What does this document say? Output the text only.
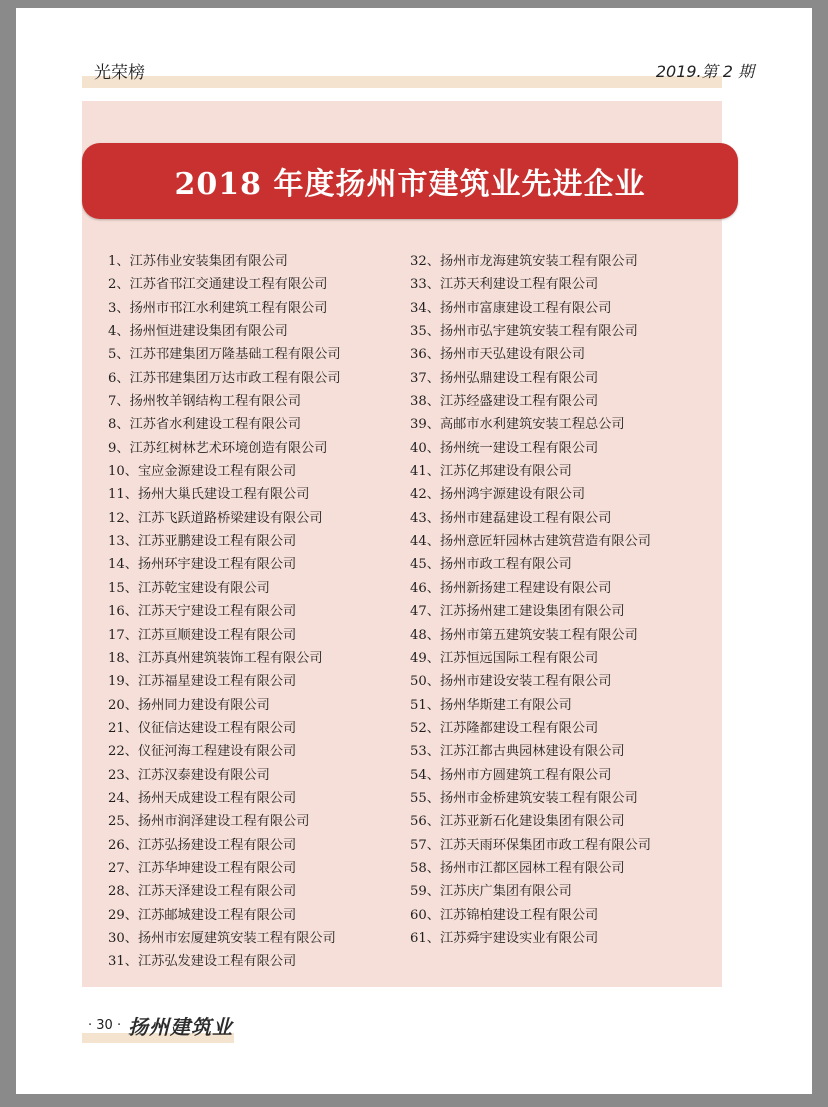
光荣榜	2019.第 2 期
2018 年度扬州市建筑业先进企业
1、江苏伟业安装集团有限公司
2、江苏省邗江交通建设工程有限公司
3、扬州市邗江水利建筑工程有限公司
4、扬州恒进建设集团有限公司
5、江苏邗建集团万隆基础工程有限公司
6、江苏邗建集团万达市政工程有限公司
7、扬州牧羊钢结构工程有限公司
8、江苏省水利建设工程有限公司
9、江苏红树林艺术环境创造有限公司
10、宝应金源建设工程有限公司
11、扬州大巢氏建设工程有限公司
12、江苏飞跃道路桥梁建设有限公司
13、江苏亚鹏建设工程有限公司
14、扬州环宇建设工程有限公司
15、江苏乾宝建设有限公司
16、江苏天宁建设工程有限公司
17、江苏亘顺建设工程有限公司
18、江苏真州建筑装饰工程有限公司
19、江苏福星建设工程有限公司
20、扬州同力建设有限公司
21、仪征信达建设工程有限公司
22、仪征河海工程建设有限公司
23、江苏汉泰建设有限公司
24、扬州天成建设工程有限公司
25、扬州市润泽建设工程有限公司
26、江苏弘扬建设工程有限公司
27、江苏华坤建设工程有限公司
28、江苏天泽建设工程有限公司
29、江苏邮城建设工程有限公司
30、扬州市宏厦建筑安装工程有限公司
31、江苏弘发建设工程有限公司
32、扬州市龙海建筑安装工程有限公司
33、江苏天利建设工程有限公司
34、扬州市富康建设工程有限公司
35、扬州市弘宇建筑安装工程有限公司
36、扬州市天弘建设有限公司
37、扬州弘鼎建设工程有限公司
38、江苏经盛建设工程有限公司
39、高邮市水利建筑安装工程总公司
40、扬州统一建设工程有限公司
41、江苏亿邦建设有限公司
42、扬州鸿宇源建设有限公司
43、扬州市建磊建设工程有限公司
44、扬州意匠轩园林古建筑营造有限公司
45、扬州市政工程有限公司
46、扬州新扬建工程建设有限公司
47、江苏扬州建工建设集团有限公司
48、扬州市第五建筑安装工程有限公司
49、江苏恒远国际工程有限公司
50、扬州市建设安装工程有限公司
51、扬州华斯建工有限公司
52、江苏隆都建设工程有限公司
53、江苏江都古典园林建设有限公司
54、扬州市方圆建筑工程有限公司
55、扬州市金桥建筑安装工程有限公司
56、江苏亚新石化建设集团有限公司
57、江苏天雨环保集团市政工程有限公司
58、扬州市江都区园林工程有限公司
59、江苏庆广集团有限公司
60、江苏锦柏建设工程有限公司
61、江苏舜宇建设实业有限公司
· 30 · 扬州建筑业
